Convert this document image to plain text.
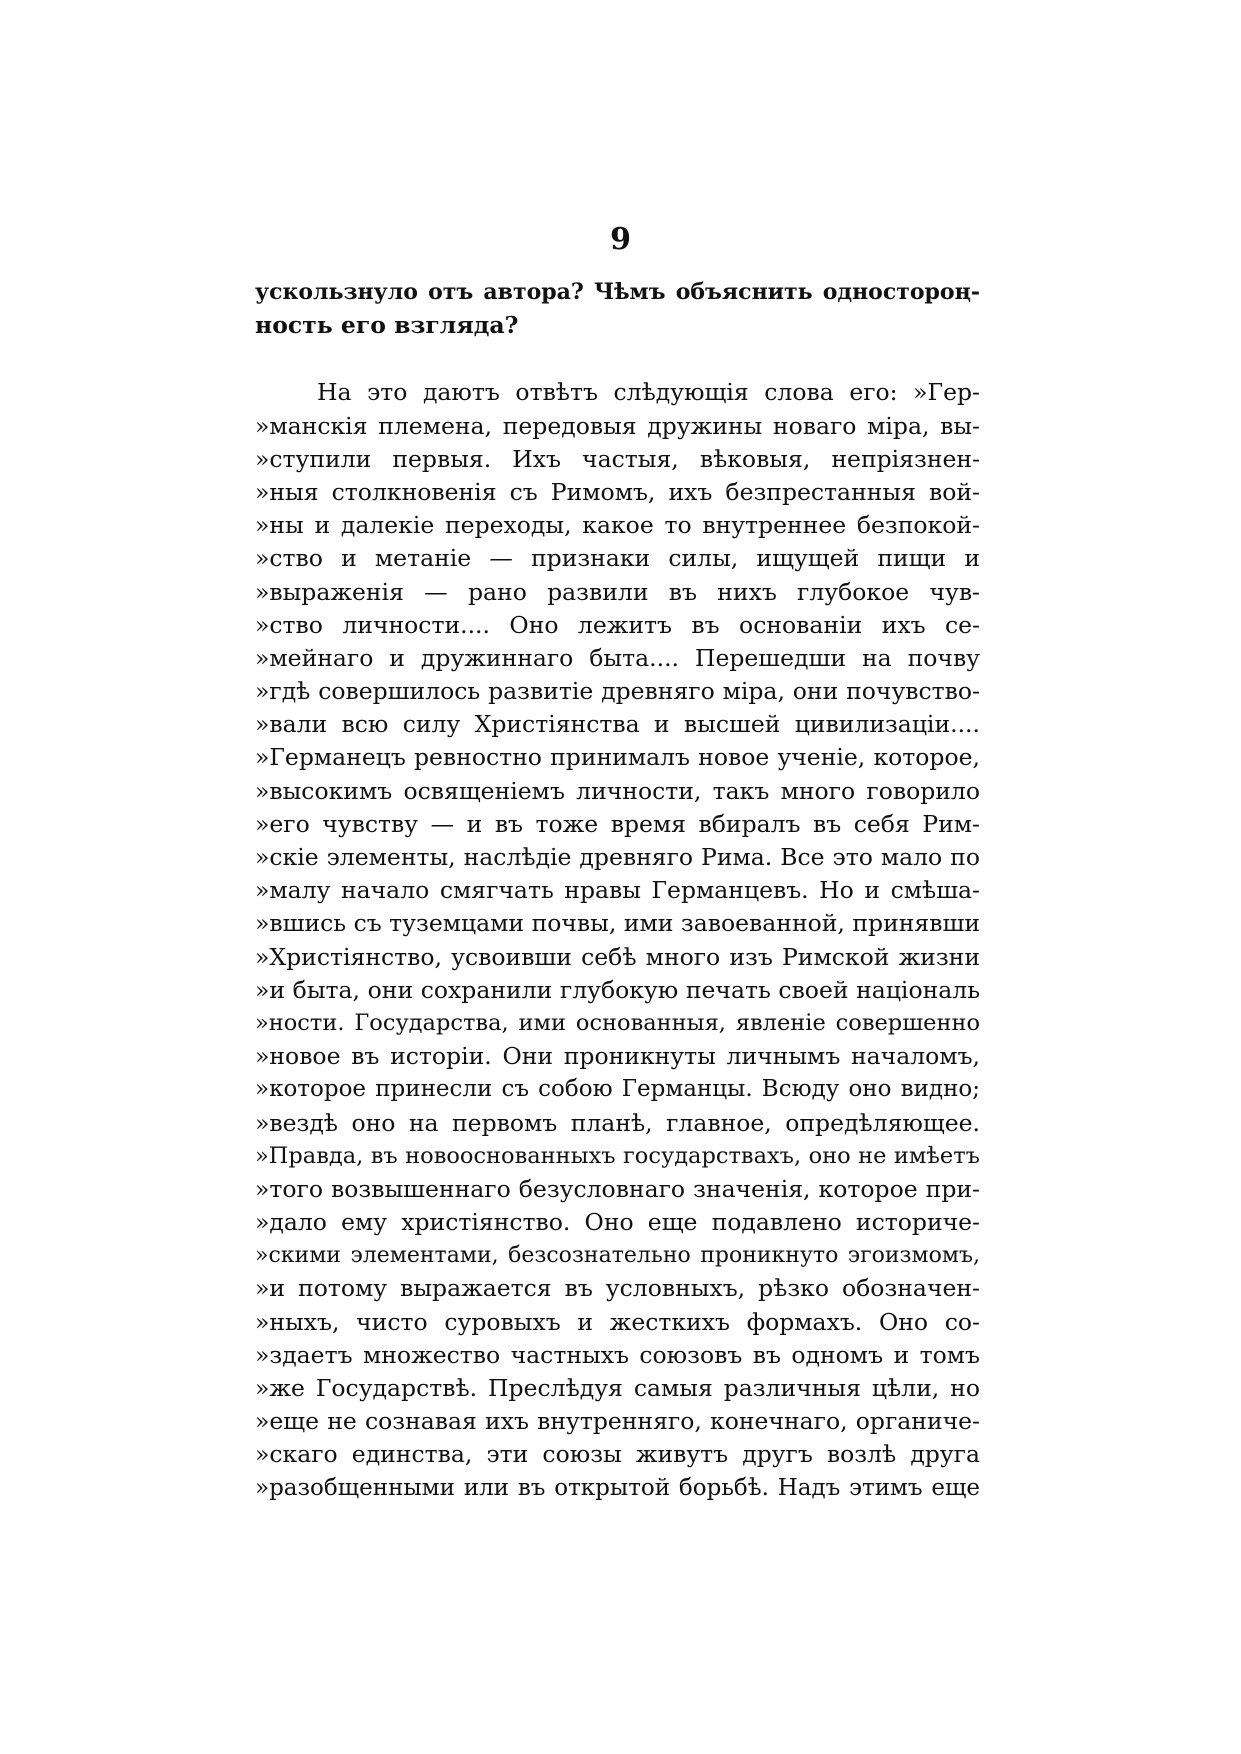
9
ускользнуло отъ автора? Чѣмъ объяснить одностороң-
ность его взгляда?
На это даютъ отвѣтъ слѣдующія слова его: »Гер-
»манскія племена, передовыя дружины новаго міра, вы-
»ступили первыя. Ихъ частыя, вѣковыя, непріязнен-
»ныя столкновенія съ Римомъ, ихъ безпрестанныя вой-
»ны и далекіе переходы, какое то внутреннее безпокой-
»ство и метаніе — признаки силы, ищущей пищи и
»выраженія — рано развили въ нихъ глубокое чув-
»ство личности.... Оно лежитъ въ основаніи ихъ се-
»мейнаго и дружиннаго быта.... Перешедши на почву
»гдѣ совершилось развитіе древняго міра, они почувство-
»вали всю силу Христіянства и высшей цивилизаціи....
»Германецъ ревностно принималъ новое ученіе, которое,
»высокимъ освященіемъ личности, такъ много говорило
»его чувству — и въ тоже время вбиралъ въ себя Рим-
»скіе элементы, наслѣдіе древняго Рима. Все это мало по
»малу начало смягчать нравы Германцевъ. Но и смѣша-
»вшись съ туземцами почвы, ими завоеванной, принявши
»Христіянство, усвоивши себѣ много изъ Римской жизни
»и быта, они сохранили глубокую печать своей національ
»ности. Государства, ими основанныя, явленіе совершенно
»новое въ исторіи. Они проникнуты личнымъ началомъ,
»которое принесли съ собою Германцы. Всюду оно видно;
»вездѣ оно на первомъ планѣ, главное, опредѣляющее.
»Правда, въ новооснованныхъ государствахъ, оно не имѣетъ
»того возвышеннаго безусловнаго значенія, которое при-
»дало ему христіянство. Оно еще подавлено историче-
»скими элементами, безсознательно проникнуто эгоизмомъ,
»и потому выражается въ условныхъ, рѣзко обозначен-
»ныхъ, чисто суровыхъ и жесткихъ формахъ. Оно со-
»здаетъ множество частныхъ союзовъ въ одномъ и томъ
»же Государствѣ. Преслѣдуя самыя различныя цѣли, но
»еще не сознавая ихъ внутренняго, конечнаго, органиче-
»скаго единства, эти союзы живутъ другъ возлѣ друга
»разобщенными или въ открытой борьбѣ. Надъ этимъ еще
